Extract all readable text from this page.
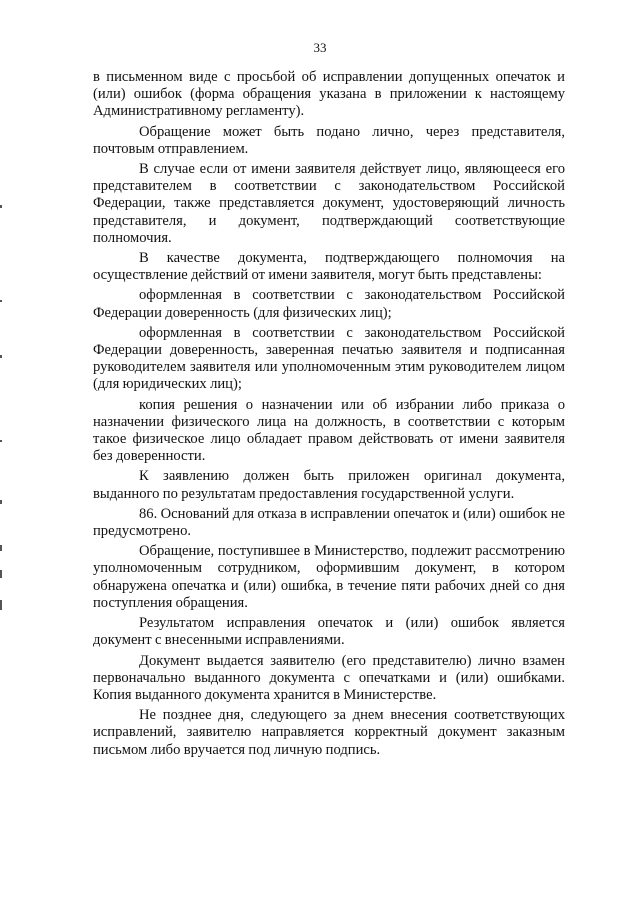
33

в письменном виде с просьбой об исправлении допущенных опечаток и (или) ошибок (форма обращения указана в приложении к настоящему Административному регламенту).

Обращение может быть подано лично, через представителя, почтовым отправлением.

В случае если от имени заявителя действует лицо, являющееся его представителем в соответствии с законодательством Российской Федерации, также представляется документ, удостоверяющий личность представителя, и документ, подтверждающий соответствующие полномочия.

В качестве документа, подтверждающего полномочия на осуществление действий от имени заявителя, могут быть представлены:

оформленная в соответствии с законодательством Российской Федерации доверенность (для физических лиц);

оформленная в соответствии с законодательством Российской Федерации доверенность, заверенная печатью заявителя и подписанная руководителем заявителя или уполномоченным этим руководителем лицом (для юридических лиц);

копия решения о назначении или об избрании либо приказа о назначении физического лица на должность, в соответствии с которым такое физическое лицо обладает правом действовать от имени заявителя без доверенности.

К заявлению должен быть приложен оригинал документа, выданного по результатам предоставления государственной услуги.

86. Оснований для отказа в исправлении опечаток и (или) ошибок не предусмотрено.

Обращение, поступившее в Министерство, подлежит рассмотрению уполномоченным сотрудником, оформившим документ, в котором обнаружена опечатка и (или) ошибка, в течение пяти рабочих дней со дня поступления обращения.

Результатом исправления опечаток и (или) ошибок является документ с внесенными исправлениями.

Документ выдается заявителю (его представителю) лично взамен первоначально выданного документа с опечатками и (или) ошибками. Копия выданного документа хранится в Министерстве.

Не позднее дня, следующего за днем внесения соответствующих исправлений, заявителю направляется корректный документ заказным письмом либо вручается под личную подпись.
